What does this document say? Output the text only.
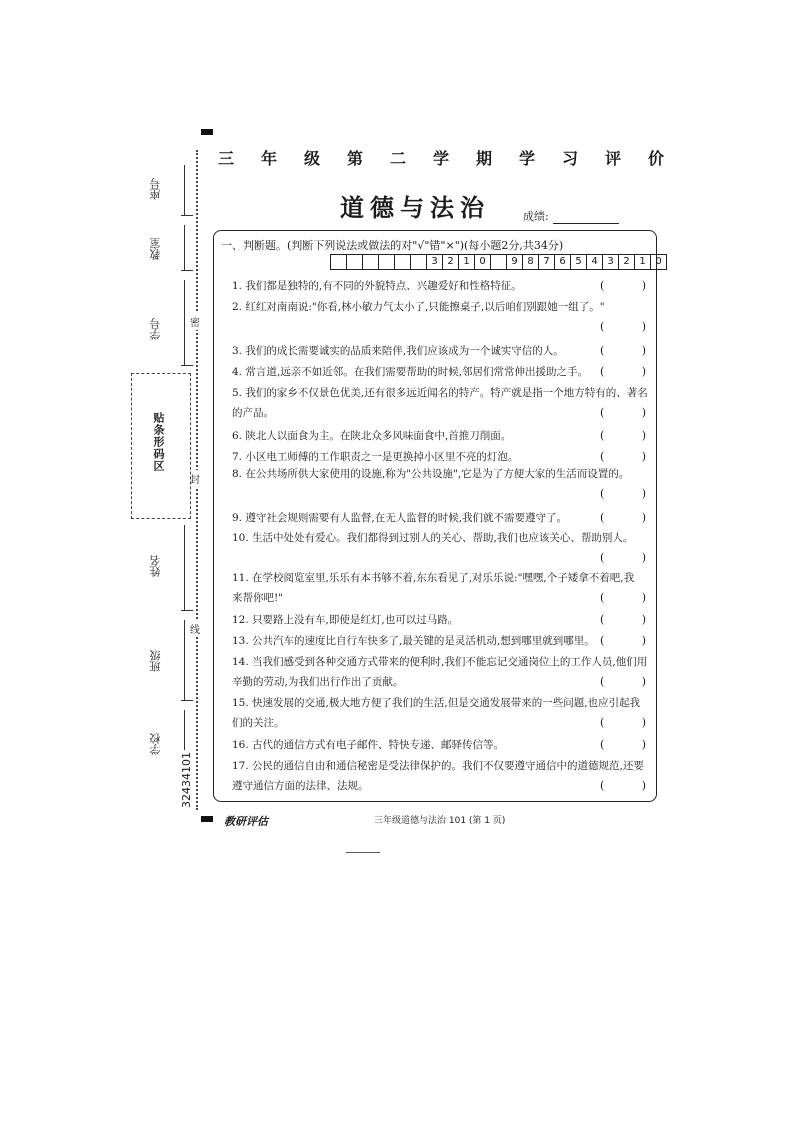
三年级第二学期学习评价
道德与法治	成绩:
座号
教室
学号
姓名
班级
学校
密
封
线
贴条形码区
32434101
一、判断题。(判断下列说法或做法的对"√"错"×")(每小题2分,共34分)
3 2 1 0	9 8 7 6 5 4 3 2 1 0
1. 我们都是独特的,有不同的外貌特点、兴趣爱好和性格特征。	(	)
2. 红红对南南说:"你看,林小敏力气太小了,只能擦桌子,以后咱们别跟她一组了。"

(	)
3. 我们的成长需要诚实的品质来陪伴,我们应该成为一个诚实守信的人。	(	)
4. 常言道,远亲不如近邻。在我们需要帮助的时候,邻居们常常伸出援助之手。	(	)
5. 我们的家乡不仅景色优美,还有很多远近闻名的特产。特产就是指一个地方特有的、著名
的产品。	(	)
6. 陕北人以面食为主。在陕北众多风味面食中,首推刀削面。	(	)
7. 小区电工师傅的工作职责之一是更换掉小区里不亮的灯泡。	(	)
8. 在公共场所供大家使用的设施,称为"公共设施",它是为了方便大家的生活而设置的。

(	)
9. 遵守社会规则需要有人监督,在无人监督的时候,我们就不需要遵守了。	(	)
10. 生活中处处有爱心。我们都得到过别人的关心、帮助,我们也应该关心、帮助别人。

(	)
11. 在学校阅览室里,乐乐有本书够不着,东东看见了,对乐乐说:"嘿嘿,个子矮拿不着吧,我
来帮你吧!"	(	)
12. 只要路上没有车,即使是红灯,也可以过马路。	(	)
13. 公共汽车的速度比自行车快多了,最关键的是灵活机动,想到哪里就到哪里。 (	)
14. 当我们感受到各种交通方式带来的便利时,我们不能忘记交通岗位上的工作人员,他们用
辛勤的劳动,为我们出行作出了贡献。	(	)
15. 快速发展的交通,极大地方便了我们的生活,但是交通发展带来的一些问题,也应引起我
们的关注。	(	)
16. 古代的通信方式有电子邮件、特快专递、邮驿传信等。	(	)
17. 公民的通信自由和通信秘密是受法律保护的。我们不仅要遵守通信中的道德规范,还要
遵守通信方面的法律、法规。	(	)
教研评估	三年级道德与法治 101 (第 1 页)
